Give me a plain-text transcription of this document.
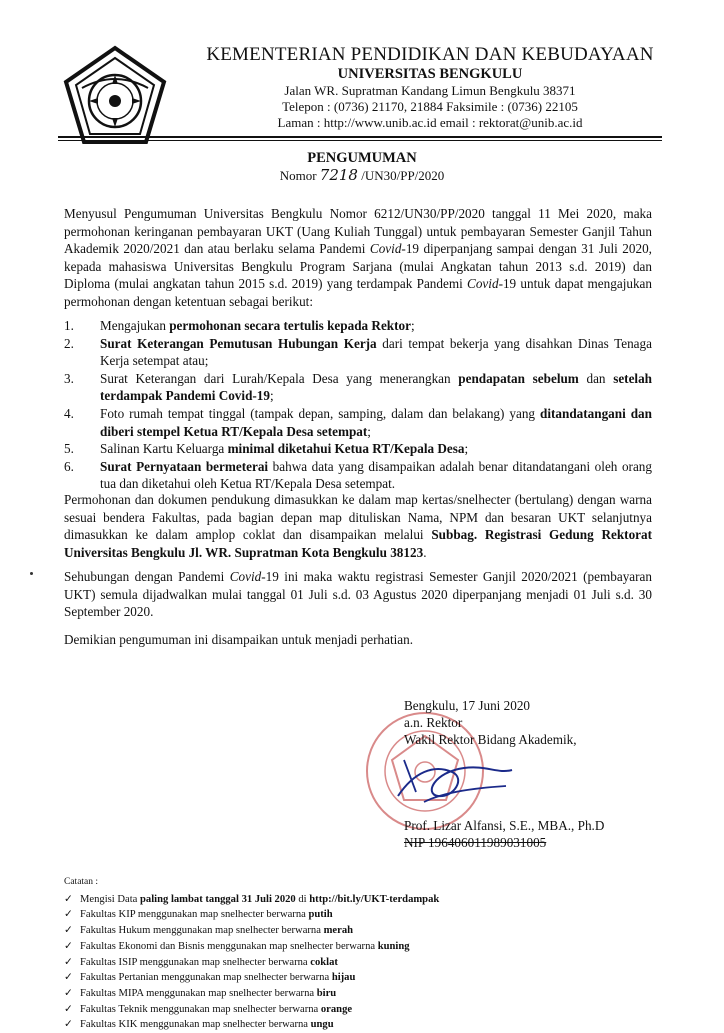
KEMENTERIAN PENDIDIKAN DAN KEBUDAYAAN
UNIVERSITAS BENGKULU
Jalan WR. Supratman Kandang Limun Bengkulu 38371
Telepon : (0736) 21170, 21884 Faksimile : (0736) 22105
Laman : http://www.unib.ac.id email : rektorat@unib.ac.id
PENGUMUMAN
Nomor 7218 /UN30/PP/2020
Menyusul Pengumuman Universitas Bengkulu Nomor 6212/UN30/PP/2020 tanggal 11 Mei 2020, maka permohonan keringanan pembayaran UKT (Uang Kuliah Tunggal) untuk pembayaran Semester Ganjil Tahun Akademik 2020/2021 dan atau berlaku selama Pandemi Covid-19 diperpanjang sampai dengan 31 Juli 2020, kepada mahasiswa Universitas Bengkulu Program Sarjana (mulai Angkatan tahun 2013 s.d. 2019) dan Diploma (mulai angkatan tahun 2015 s.d. 2019) yang terdampak Pandemi Covid-19 untuk dapat mengajukan permohonan dengan ketentuan sebagai berikut:
1.	Mengajukan permohonan secara tertulis kepada Rektor;
2.	Surat Keterangan Pemutusan Hubungan Kerja dari tempat bekerja yang disahkan Dinas Tenaga Kerja setempat atau;
3.	Surat Keterangan dari Lurah/Kepala Desa yang menerangkan pendapatan sebelum dan setelah terdampak Pandemi Covid-19;
4.	Foto rumah tempat tinggal (tampak depan, samping, dalam dan belakang) yang ditandatangani dan diberi stempel Ketua RT/Kepala Desa setempat;
5.	Salinan Kartu Keluarga minimal diketahui Ketua RT/Kepala Desa;
6.	Surat Pernyataan bermeterai bahwa data yang disampaikan adalah benar ditandatangani oleh orang tua dan diketahui oleh Ketua RT/Kepala Desa setempat.
Permohonan dan dokumen pendukung dimasukkan ke dalam map kertas/snelhecter (bertulang) dengan warna sesuai bendera Fakultas, pada bagian depan map dituliskan Nama, NPM dan besaran UKT selanjutnya dimasukkan ke dalam amplop coklat dan disampaikan melalui Subbag. Registrasi Gedung Rektorat Universitas Bengkulu Jl. WR. Supratman Kota Bengkulu 38123.
Sehubungan dengan Pandemi Covid-19 ini maka waktu registrasi Semester Ganjil 2020/2021 (pembayaran UKT) semula dijadwalkan mulai tanggal 01 Juli s.d. 03 Agustus 2020 diperpanjang menjadi 01 Juli s.d. 30 September 2020.
Demikian pengumuman ini disampaikan untuk menjadi perhatian.
Bengkulu, 17 Juni 2020
a.n. Rektor
Wakil Rektor Bidang Akademik,
Prof. Lizar Alfansi, S.E., MBA., Ph.D
NIP 196406011989031005
Catatan :
✓ Mengisi Data paling lambat tanggal 31 Juli 2020 di http://bit.ly/UKT-terdampak
✓ Fakultas KIP menggunakan map snelhecter berwarna putih
✓ Fakultas Hukum menggunakan map snelhecter berwarna merah
✓ Fakultas Ekonomi dan Bisnis menggunakan map snelhecter berwarna kuning
✓ Fakultas ISIP menggunakan map snelhecter berwarna coklat
✓ Fakultas Pertanian menggunakan map snelhecter berwarna hijau
✓ Fakultas MIPA menggunakan map snelhecter berwarna biru
✓ Fakultas Teknik menggunakan map snelhecter berwarna orange
✓ Fakultas KIK menggunakan map snelhecter berwarna ungu
